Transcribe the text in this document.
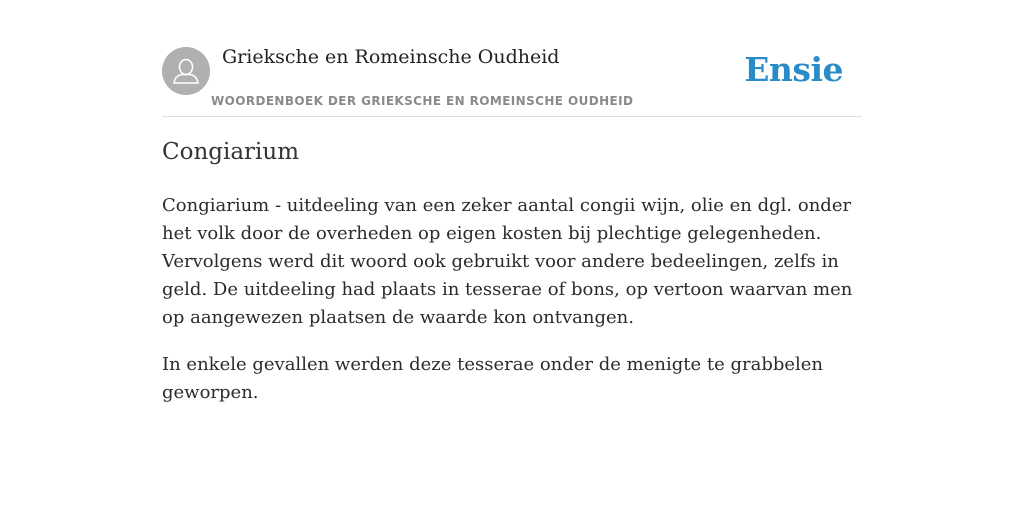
Grieksche en Romeinsche Oudheid
WOORDENBOEK DER GRIEKSCHE EN ROMEINSCHE OUDHEID
Ensie
Congiarium

Congiarium - uitdeeling van een zeker aantal congii wijn, olie en dgl. onder het volk door de overheden op eigen kosten bij plechtige gelegenheden. Vervolgens werd dit woord ook gebruikt voor andere bedeelingen, zelfs in geld. De uitdeeling had plaats in tesserae of bons, op vertoon waarvan men op aangewezen plaatsen de waarde kon ontvangen.

In enkele gevallen werden deze tesserae onder de menigte te grabbelen geworpen.
